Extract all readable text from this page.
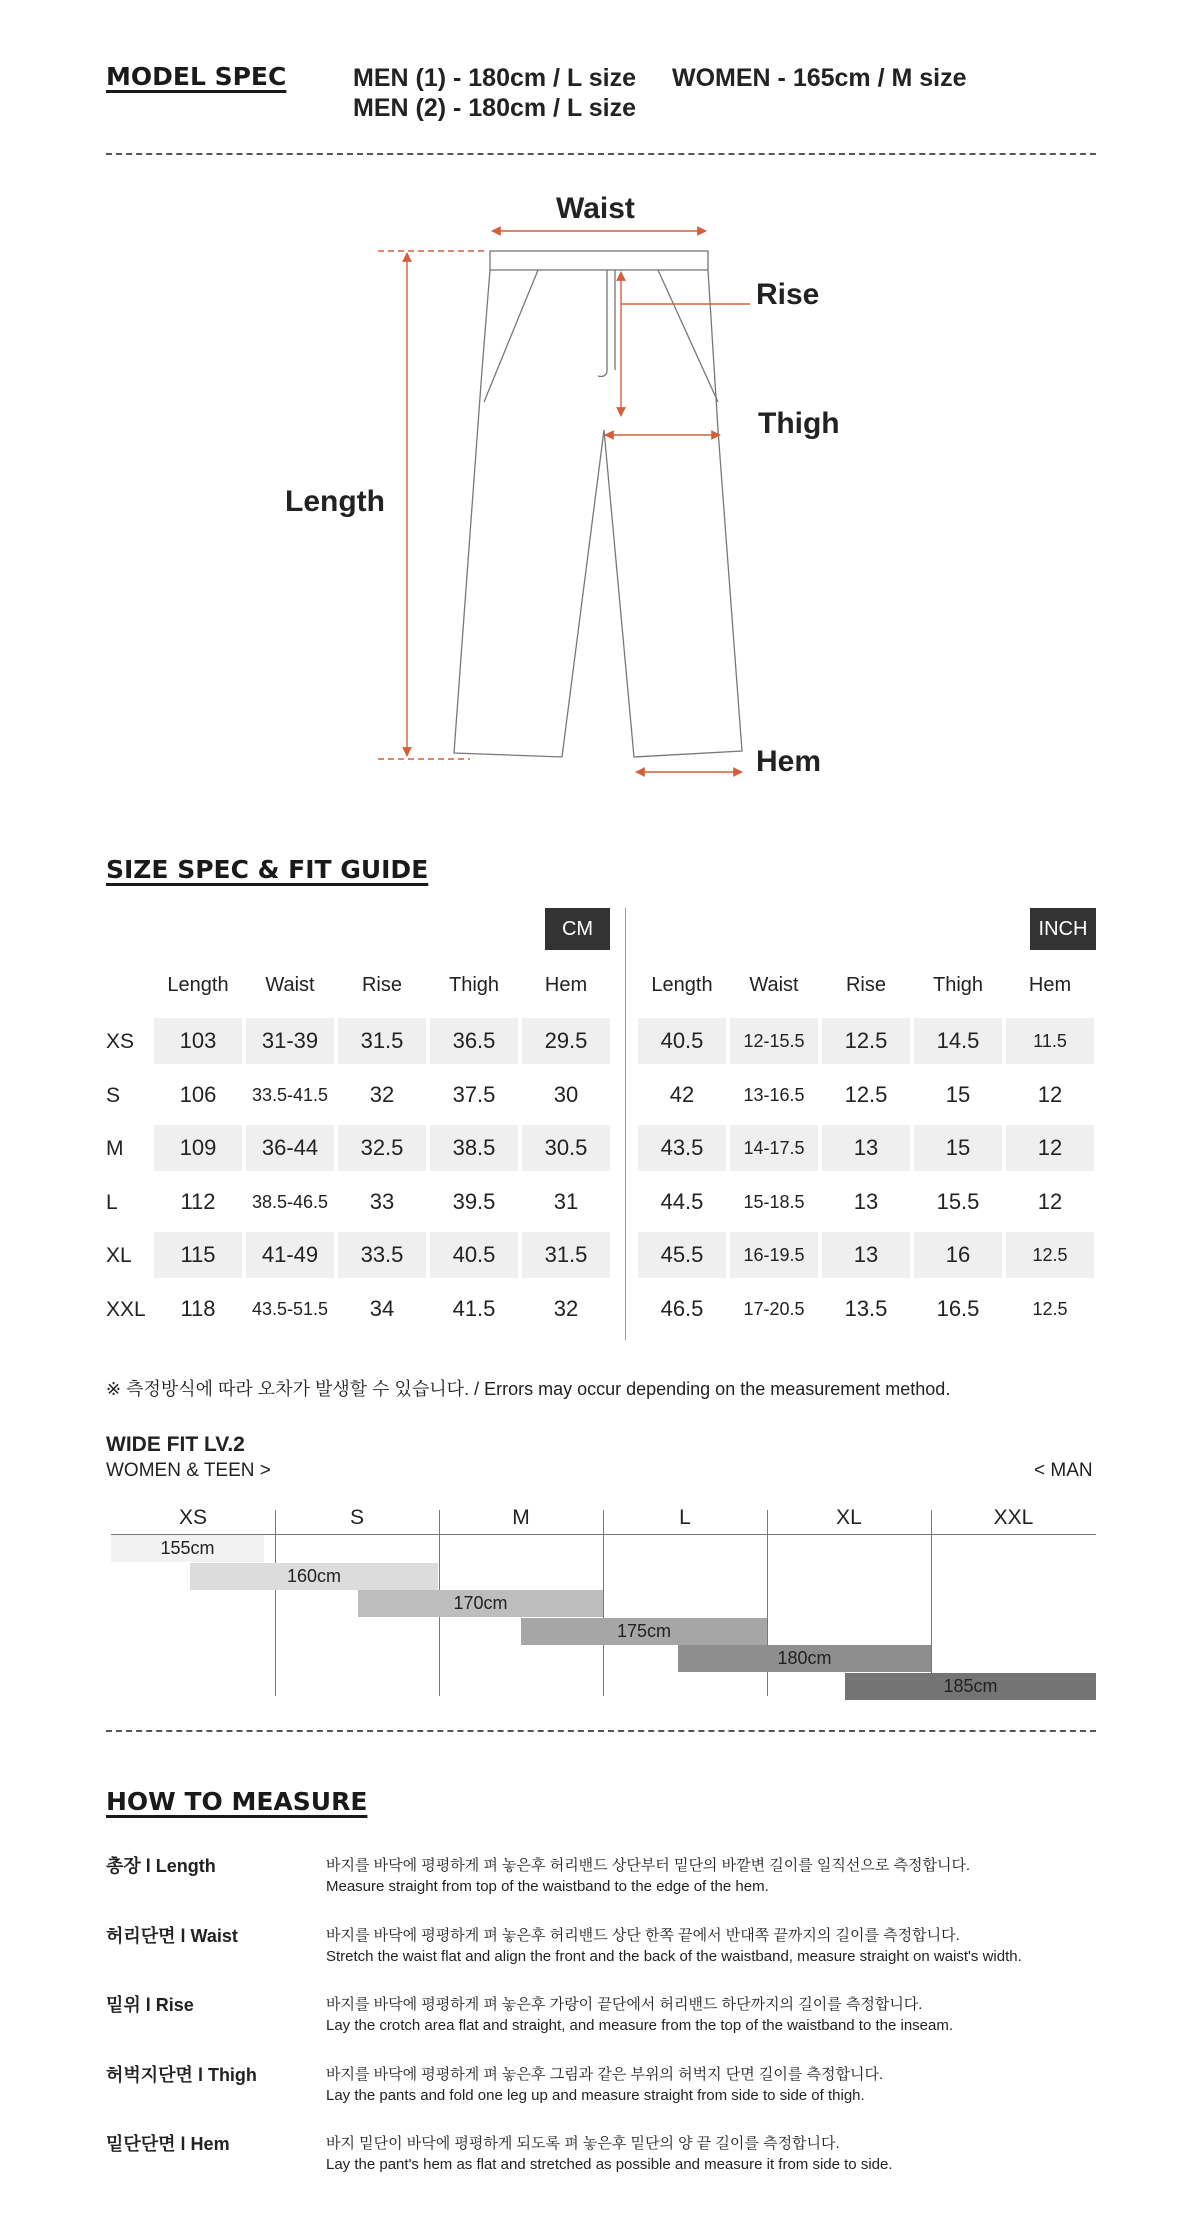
MODEL SPEC	MEN (1) - 180cm / L size
MEN (2) - 180cm / L size
WOMEN - 165cm / M size
Waist
Rise
Thigh
Length
Hem
SIZE SPEC & FIT GUIDE
CM	INCH
Length	Length
Waist	Waist
Rise	Rise
Thigh	Thigh
Hem	Hem
XS	103	31-39	31.5	36.5	29.5	40.5	12-15.5	12.5	14.5	11.5
S	106	33.5-41.5	32	37.5	30	42	13-16.5	12.5	15	12
M	109	36-44	32.5	38.5	30.5	43.5	14-17.5	13	15	12
L	112	38.5-46.5	33	39.5	31	44.5	15-18.5	13	15.5	12
XL	115	41-49	33.5	40.5	31.5	45.5	16-19.5	13	16	12.5
XXL	118	43.5-51.5	34	41.5	32	46.5	17-20.5	13.5	16.5	12.5
※ 측정방식에 따라 오차가 발생할 수 있습니다. / Errors may occur depending on the measurement method.
WIDE FIT LV.2
WOMEN & TEEN >	< MAN
XS	S	M	L	XL	XXL
155cm
160cm
170cm
175cm
180cm
185cm
HOW TO MEASURE
총장 l Length	바지를 바닥에 평평하게 펴 놓은후 허리밴드 상단부터 밑단의 바깥변 길이를 일직선으로 측정합니다.
Measure straight from top of the waistband to the edge of the hem.
허리단면 l Waist	바지를 바닥에 평평하게 펴 놓은후 허리밴드 상단 한쪽 끝에서 반대쪽 끝까지의 길이를 측정합니다.
Stretch the waist flat and align the front and the back of the waistband, measure straight on waist's width.
밑위 l Rise	바지를 바닥에 평평하게 펴 놓은후 가랑이 끝단에서 허리밴드 하단까지의 길이를 측정합니다.
Lay the crotch area flat and straight, and measure from the top of the waistband to the inseam.
허벅지단면 l Thigh	바지를 바닥에 평평하게 펴 놓은후 그림과 같은 부위의 허벅지 단면 길이를 측정합니다.
Lay the pants and fold one leg up and measure straight from side to side of thigh.
밑단단면 l Hem	바지 밑단이 바닥에 평평하게 되도록 펴 놓은후 밑단의 양 끝 길이를 측정합니다.
Lay the pant's hem as flat and stretched as possible and measure it from side to side.
